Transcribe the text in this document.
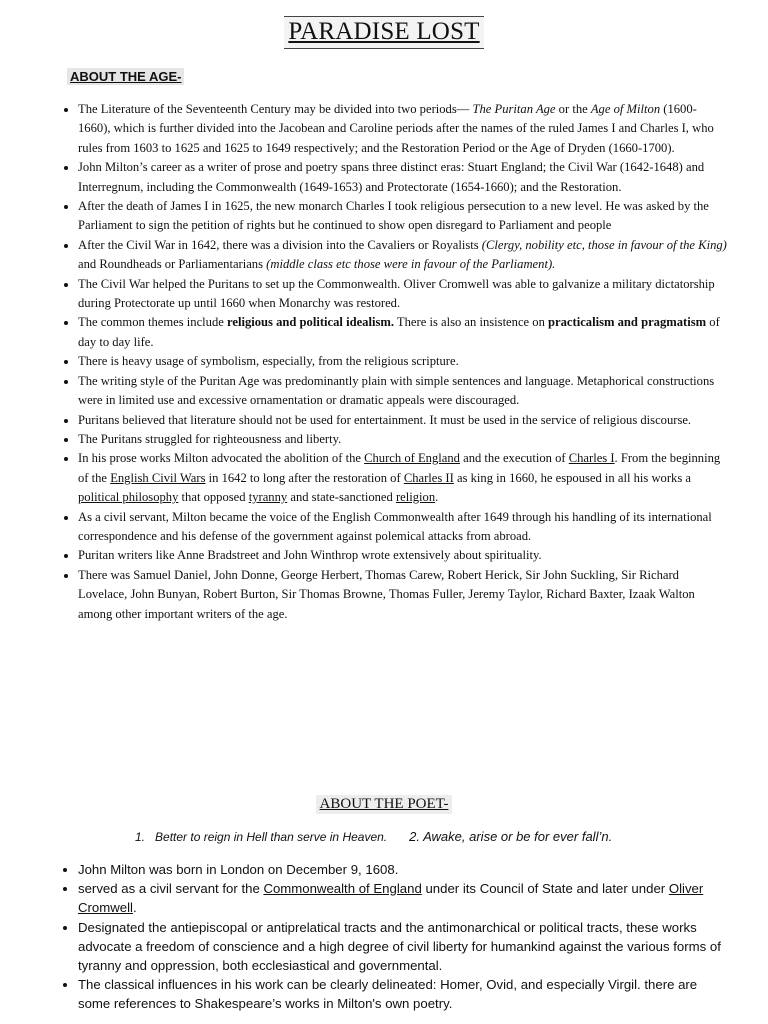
PARADISE LOST
ABOUT THE AGE-
• The Literature of the Seventeenth Century may be divided into two periods— The Puritan Age or the Age of Milton (1600-1660), which is further divided into the Jacobean and Caroline periods after the names of the ruled James I and Charles I, who rules from 1603 to 1625 and 1625 to 1649 respectively; and the Restoration Period or the Age of Dryden (1660-1700).
• John Milton’s career as a writer of prose and poetry spans three distinct eras: Stuart England; the Civil War (1642-1648) and Interregnum, including the Commonwealth (1649-1653) and Protectorate (1654-1660); and the Restoration.
• After the death of James I in 1625, the new monarch Charles I took religious persecution to a new level. He was asked by the Parliament to sign the petition of rights but he continued to show open disregard to Parliament and people
• After the Civil War in 1642, there was a division into the Cavaliers or Royalists (Clergy, nobility etc, those in favour of the King) and Roundheads or Parliamentarians (middle class etc those were in favour of the Parliament).
• The Civil War helped the Puritans to set up the Commonwealth. Oliver Cromwell was able to galvanize a military dictatorship during Protectorate up until 1660 when Monarchy was restored.
• The common themes include religious and political idealism. There is also an insistence on practicalism and pragmatism of day to day life.
• There is heavy usage of symbolism, especially, from the religious scripture.
• The writing style of the Puritan Age was predominantly plain with simple sentences and language. Metaphorical constructions were in limited use and excessive ornamentation or dramatic appeals were discouraged.
• Puritans believed that literature should not be used for entertainment. It must be used in the service of religious discourse.
• The Puritans struggled for righteousness and liberty.
• In his prose works Milton advocated the abolition of the Church of England and the execution of Charles I. From the beginning of the English Civil Wars in 1642 to long after the restoration of Charles II as king in 1660, he espoused in all his works a political philosophy that opposed tyranny and state-sanctioned religion.
• As a civil servant, Milton became the voice of the English Commonwealth after 1649 through his handling of its international correspondence and his defense of the government against polemical attacks from abroad.
• Puritan writers like Anne Bradstreet and John Winthrop wrote extensively about spirituality.
• There was Samuel Daniel, John Donne, George Herbert, Thomas Carew, Robert Herick, Sir John Suckling, Sir Richard Lovelace, John Bunyan, Robert Burton, Sir Thomas Browne, Thomas Fuller, Jeremy Taylor, Richard Baxter, Izaak Walton among other important writers of the age.
ABOUT THE POET-
1.   Better to reign in Hell than serve in Heaven. 2. Awake, arise or be for ever fall’n.
• John Milton was born in London on December 9, 1608.
• served as a civil servant for the Commonwealth of England under its Council of State and later under Oliver Cromwell.
• Designated the antiepiscopal or antiprelatical tracts and the antimonarchical or political tracts, these works advocate a freedom of conscience and a high degree of civil liberty for humankind against the various forms of tyranny and oppression, both ecclesiastical and governmental.
• The classical influences in his work can be clearly delineated: Homer, Ovid, and especially Virgil. there are some references to Shakespeare’s works in Milton's own poetry.
